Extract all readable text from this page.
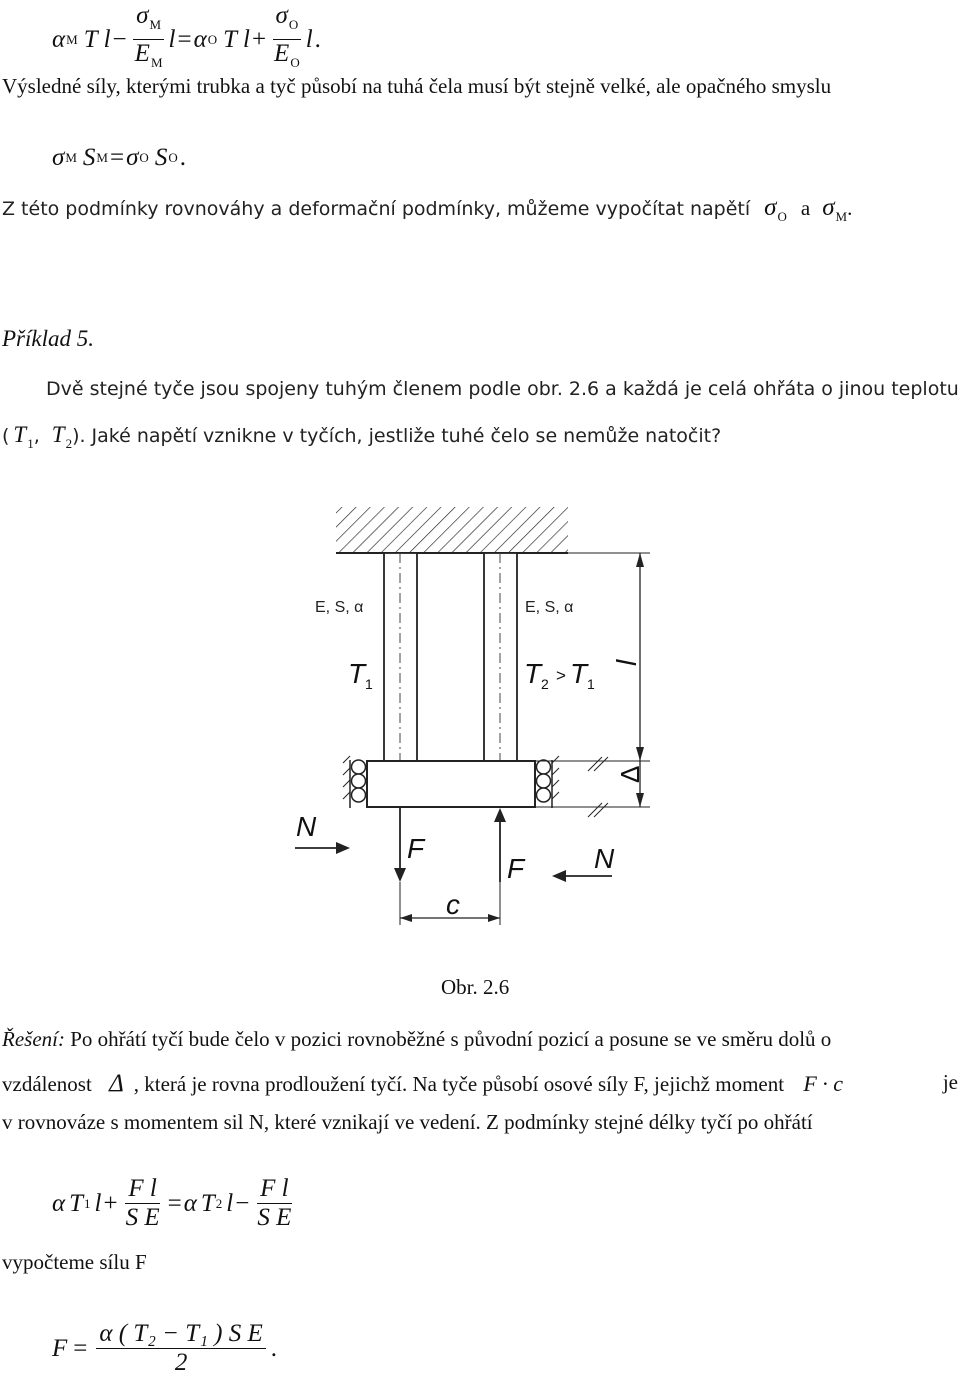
α M T $l - \frac{\sigma_M}{E_M}$ l = α O T $l + \frac{\sigma_O}{E_O}$ l .
Výsledné síly, kterými trubka a tyč působí na tuhá čela musí být stejně velké, ale opačného smyslu
σ M S M = σ O S O .
Z této podmínky rovnováhy a deformační podmínky, můžeme vypočítat napětí $\sigma_O$ a $\sigma_M$.
Příklad 5.
Dvě stejné tyče jsou spojeny tuhým členem podle obr. 2.6 a každá je celá ohřáta o jinou teplotu
( $T_1$, $T_2$). Jaké napětí vznikne v tyčích, jestliže tuhé čelo se nemůže natočit?
E, S, α	E, S, α
T 1	T 2 > T 1
l
Δ
N
N
F
F
c
Obr. 2.6
Řešení: Po ohřátí tyčí bude čelo v pozici rovnoběžné s původní pozicí a posune se ve směru dolů o
vzdálenost Δ , která je rovna prodloužení tyčí. Na tyče působí osové síly F, jejichž moment F · c	je
v rovnováze s momentem sil N, které vznikají ve vedení. Z podmínky stejné délky tyčí po ohřátí
α T 1 $l + \frac{\text{F l}}{\text{S E}} = \alpha$ T 2 $l - \frac{\text{F l}}{\text{S E}}$
vypočteme sílu F
$F = \frac{\text{α ( T₂ − T₁ ) S E}}{2}$ .
